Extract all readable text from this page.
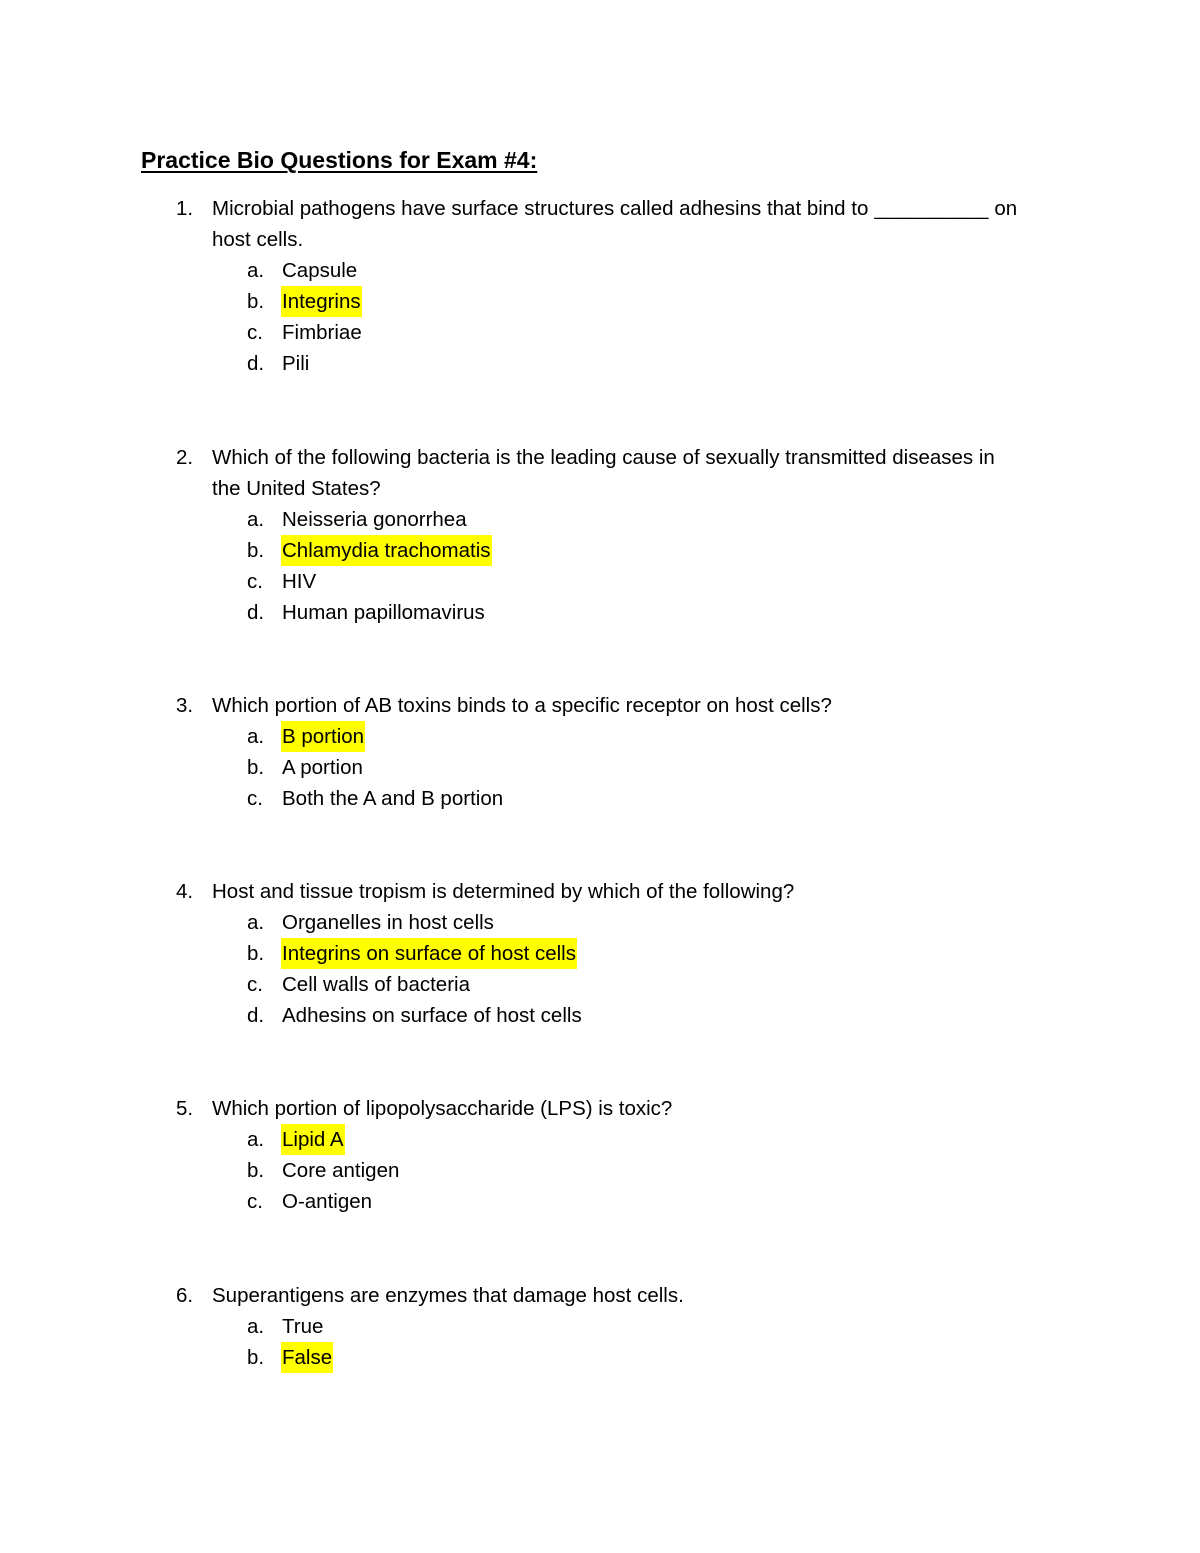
Practice Bio Questions for Exam #4:
1. Microbial pathogens have surface structures called adhesins that bind to __________ on
host cells.
a. Capsule
b. Integrins
c. Fimbriae
d. Pili
2. Which of the following bacteria is the leading cause of sexually transmitted diseases in
the United States?
a. Neisseria gonorrhea
b. Chlamydia trachomatis
c. HIV
d. Human papillomavirus
3. Which portion of AB toxins binds to a specific receptor on host cells?
a. B portion
b. A portion
c. Both the A and B portion
4. Host and tissue tropism is determined by which of the following?
a. Organelles in host cells
b. Integrins on surface of host cells
c. Cell walls of bacteria
d. Adhesins on surface of host cells
5. Which portion of lipopolysaccharide (LPS) is toxic?
a. Lipid A
b. Core antigen
c. O-antigen
6. Superantigens are enzymes that damage host cells.
a. True
b. False
